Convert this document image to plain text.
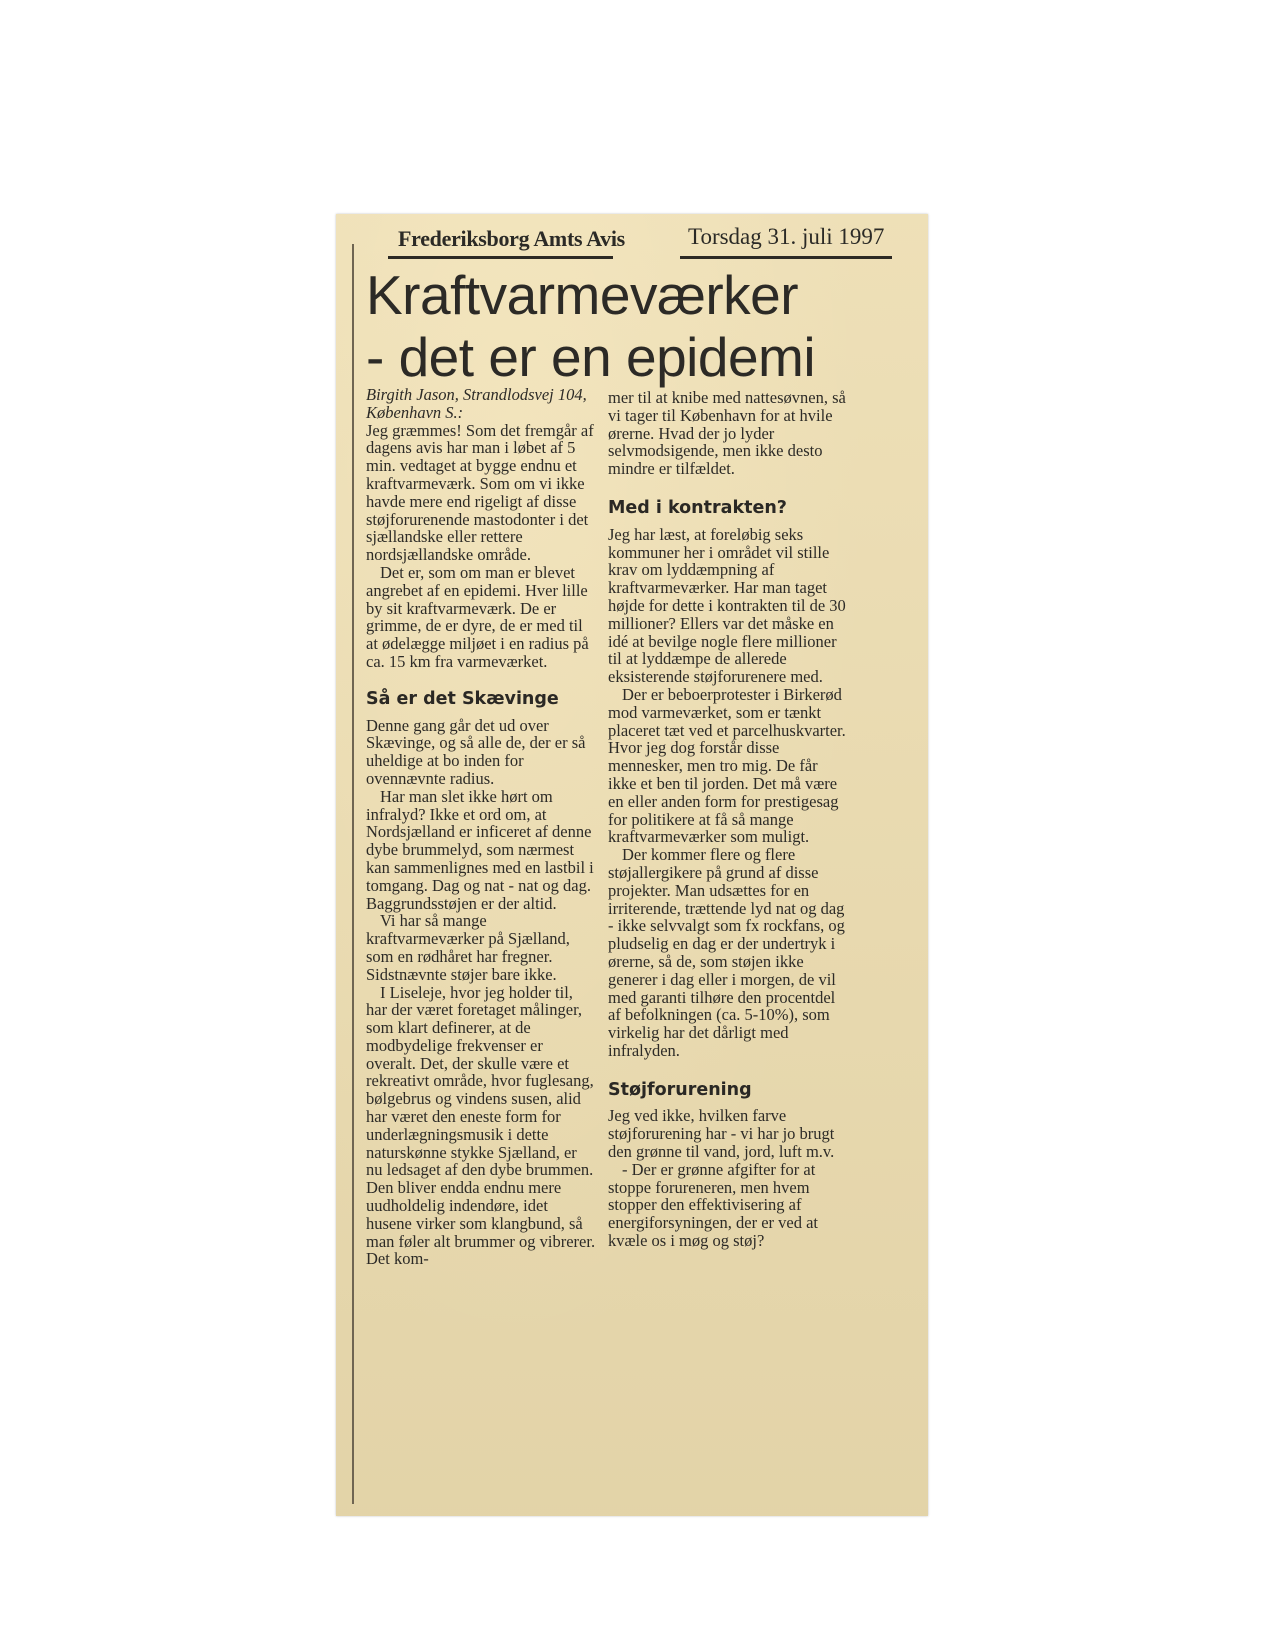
Frederiksborg Amts Avis	Torsdag 31. juli 1997
Kraftvarmeværker
- det er en epidemi

Birgith Jason, Strandlodsvej 104, København S.:

Jeg græmmes! Som det fremgår af dagens avis har man i løbet af 5 min. vedtaget at bygge endnu et kraftvarmeværk. Som om vi ikke havde mere end rigeligt af disse støjforurenende mastodonter i det sjællandske eller rettere nordsjællandske område.

Det er, som om man er blevet angrebet af en epidemi. Hver lille by sit kraftvarmeværk. De er grimme, de er dyre, de er med til at ødelægge miljøet i en radius på ca. 15 km fra varmeværket.

Så er det Skævinge

Denne gang går det ud over Skævinge, og så alle de, der er så uheldige at bo inden for ovennævnte radius.

Har man slet ikke hørt om infralyd? Ikke et ord om, at Nordsjælland er inficeret af denne dybe brummelyd, som nærmest kan sammenlignes med en lastbil i tomgang. Dag og nat - nat og dag. Baggrundsstøjen er der altid.

Vi har så mange kraftvarmeværker på Sjælland, som en rødhåret har fregner. Sidstnævnte støjer bare ikke.

I Liseleje, hvor jeg holder til, har der været foretaget målinger, som klart definerer, at de modbydelige frekvenser er overalt. Det, der skulle være et rekreativt område, hvor fuglesang, bølgebrus og vindens susen, alid har været den eneste form for underlægningsmusik i dette naturskønne stykke Sjælland, er nu ledsaget af den dybe brummen. Den bliver endda endnu mere uudholdelig indendøre, idet husene virker som klangbund, så man føler alt brummer og vibrerer. Det kom-

mer til at knibe med nattesøvnen, så vi tager til København for at hvile ørerne. Hvad der jo lyder selvmodsigende, men ikke desto mindre er tilfældet.

Med i kontrakten?

Jeg har læst, at foreløbig seks kommuner her i området vil stille krav om lyddæmpning af kraftvarmeværker. Har man taget højde for dette i kontrakten til de 30 millioner? Ellers var det måske en idé at bevilge nogle flere millioner til at lyddæmpe de allerede eksisterende støjforurenere med.

Der er beboerprotester i Birkerød mod varmeværket, som er tænkt placeret tæt ved et parcelhuskvarter. Hvor jeg dog forstår disse mennesker, men tro mig. De får ikke et ben til jorden. Det må være en eller anden form for prestigesag for politikere at få så mange kraftvarmeværker som muligt.

Der kommer flere og flere støjallergikere på grund af disse projekter. Man udsættes for en irriterende, trættende lyd nat og dag - ikke selvvalgt som fx rockfans, og pludselig en dag er der undertryk i ørerne, så de, som støjen ikke generer i dag eller i morgen, de vil med garanti tilhøre den procentdel af befolkningen (ca. 5-10%), som virkelig har det dårligt med infralyden.

Støjforurening

Jeg ved ikke, hvilken farve støjforurening har - vi har jo brugt den grønne til vand, jord, luft m.v.

- Der er grønne afgifter for at stoppe forureneren, men hvem stopper den effektivisering af energiforsyningen, der er ved at kvæle os i møg og støj?
